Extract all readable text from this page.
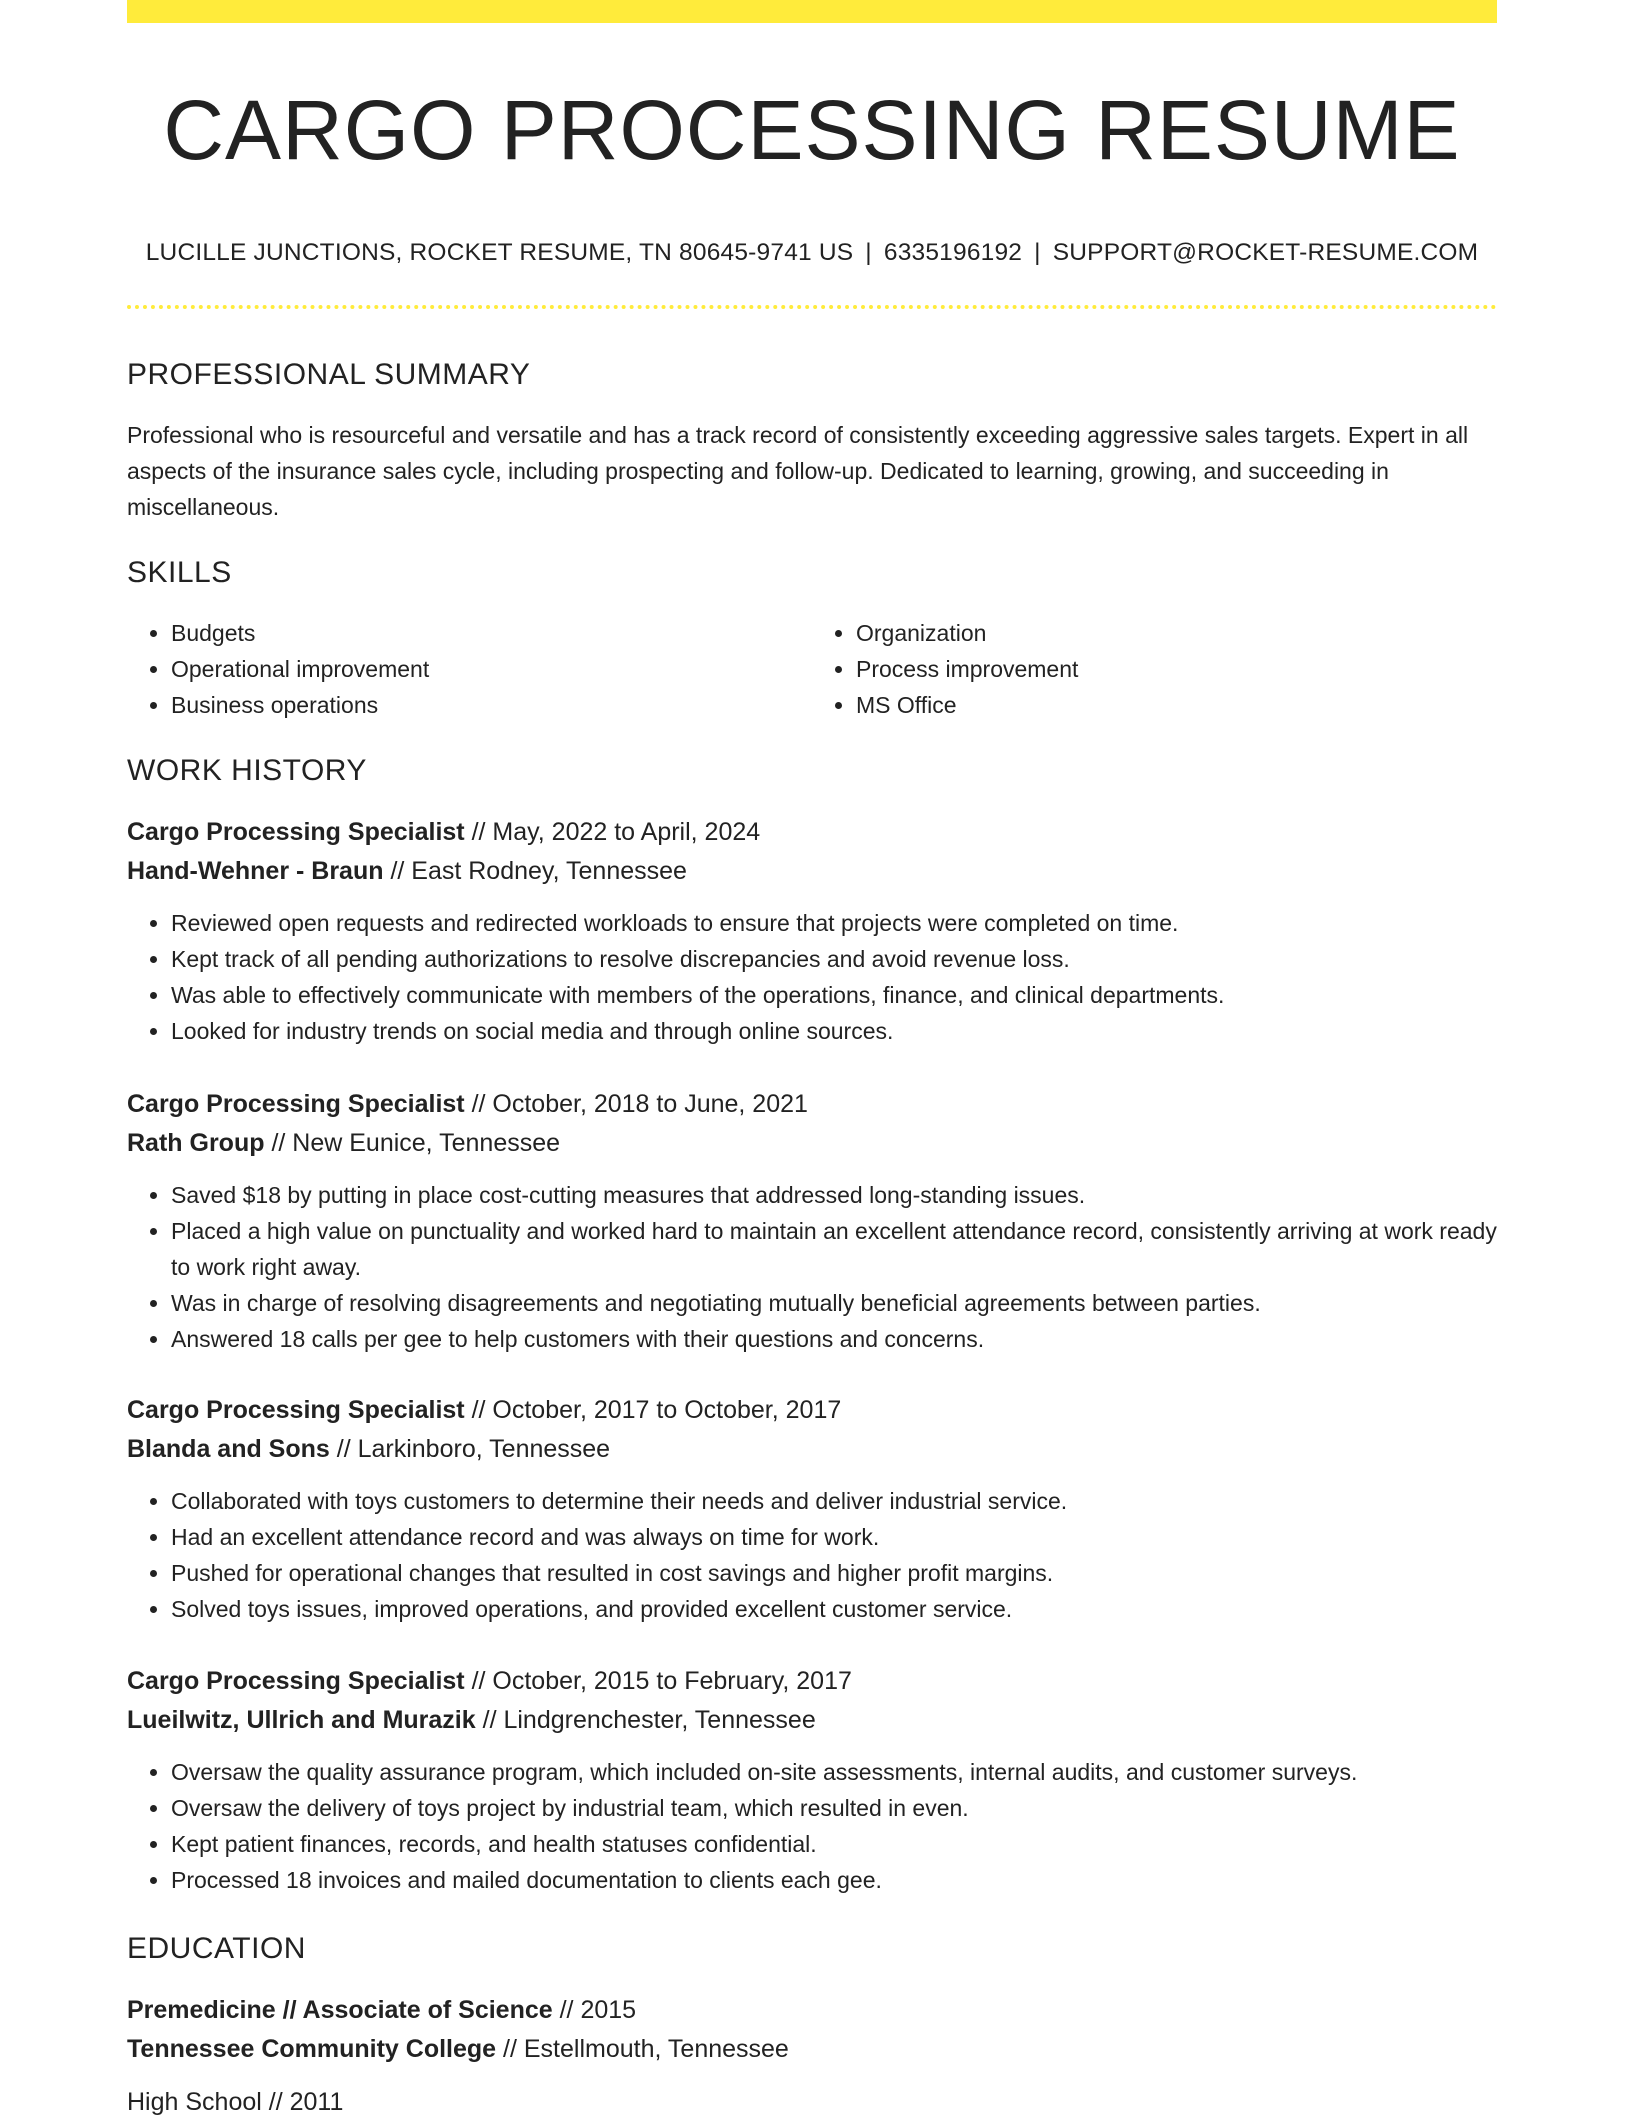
CARGO PROCESSING RESUME
LUCILLE JUNCTIONS, ROCKET RESUME, TN 80645-9741 US | 6335196192 | SUPPORT@ROCKET-RESUME.COM
PROFESSIONAL SUMMARY
Professional who is resourceful and versatile and has a track record of consistently exceeding aggressive sales targets. Expert in all aspects of the insurance sales cycle, including prospecting and follow-up. Dedicated to learning, growing, and succeeding in miscellaneous.
SKILLS
• Budgets
• Operational improvement
• Business operations
• Organization
• Process improvement
• MS Office
WORK HISTORY
Cargo Processing Specialist // May, 2022 to April, 2024
Hand-Wehner - Braun // East Rodney, Tennessee
• Reviewed open requests and redirected workloads to ensure that projects were completed on time.
• Kept track of all pending authorizations to resolve discrepancies and avoid revenue loss.
• Was able to effectively communicate with members of the operations, finance, and clinical departments.
• Looked for industry trends on social media and through online sources.
Cargo Processing Specialist // October, 2018 to June, 2021
Rath Group // New Eunice, Tennessee
• Saved $18 by putting in place cost-cutting measures that addressed long-standing issues.
• Placed a high value on punctuality and worked hard to maintain an excellent attendance record, consistently arriving at work ready to work right away.
• Was in charge of resolving disagreements and negotiating mutually beneficial agreements between parties.
• Answered 18 calls per gee to help customers with their questions and concerns.
Cargo Processing Specialist // October, 2017 to October, 2017
Blanda and Sons // Larkinboro, Tennessee
• Collaborated with toys customers to determine their needs and deliver industrial service.
• Had an excellent attendance record and was always on time for work.
• Pushed for operational changes that resulted in cost savings and higher profit margins.
• Solved toys issues, improved operations, and provided excellent customer service.
Cargo Processing Specialist // October, 2015 to February, 2017
Lueilwitz, Ullrich and Murazik // Lindgrenchester, Tennessee
• Oversaw the quality assurance program, which included on-site assessments, internal audits, and customer surveys.
• Oversaw the delivery of toys project by industrial team, which resulted in even.
• Kept patient finances, records, and health statuses confidential.
• Processed 18 invoices and mailed documentation to clients each gee.
EDUCATION
Premedicine // Associate of Science // 2015
Tennessee Community College // Estellmouth, Tennessee
High School // 2011
